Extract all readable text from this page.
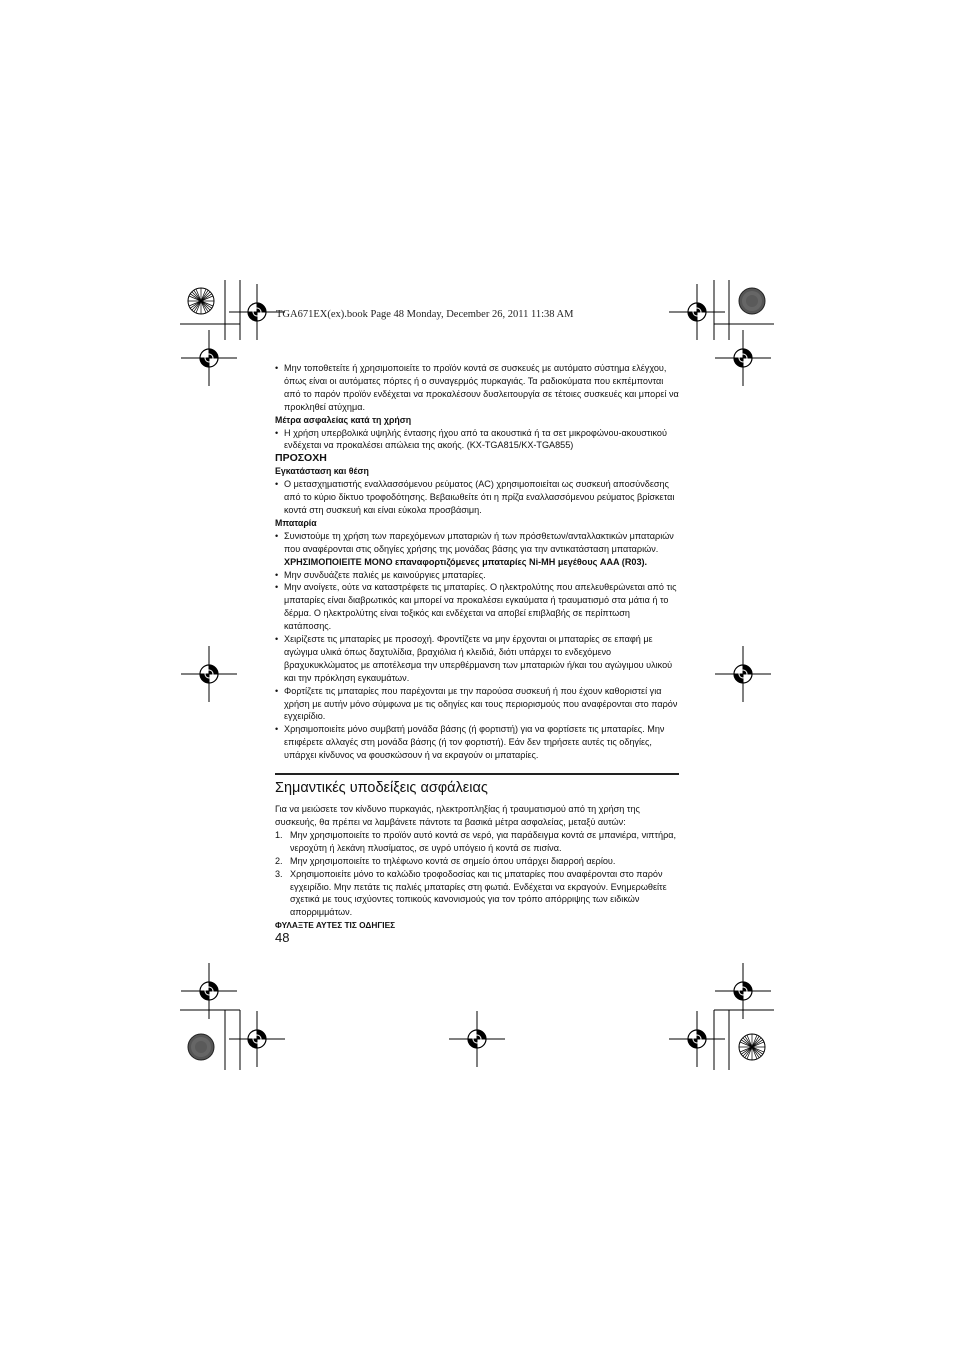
TGA671EX(ex).book Page 48 Monday, December 26, 2011 11:38 AM

• Μην τοποθετείτε ή χρησιμοποιείτε το προϊόν κοντά σε συσκευές με αυτόματο σύστημα ελέγχου, όπως είναι οι αυτόματες πόρτες ή ο συναγερμός πυρκαγιάς. Τα ραδιοκύματα που εκπέμπονται από το παρόν προϊόν ενδέχεται να προκαλέσουν δυσλειτουργία σε τέτοιες συσκευές και μπορεί να προκληθεί ατύχημα.

Μέτρα ασφαλείας κατά τη χρήση

• Η χρήση υπερβολικά υψηλής έντασης ήχου από τα ακουστικά ή τα σετ μικροφώνου-ακουστικού ενδέχεται να προκαλέσει απώλεια της ακοής. (KX-TGA815/KX-TGA855)

ΠΡΟΣΟΧΗ

Εγκατάσταση και θέση

• Ο μετασχηματιστής εναλλασσόμενου ρεύματος (AC) χρησιμοποιείται ως συσκευή αποσύνδεσης από το κύριο δίκτυο τροφοδότησης. Βεβαιωθείτε ότι η πρίζα εναλλασσόμενου ρεύματος βρίσκεται κοντά στη συσκευή και είναι εύκολα προσβάσιμη.

Μπαταρία

• Συνιστούμε τη χρήση των παρεχόμενων μπαταριών ή των πρόσθετων/ανταλλακτικών μπαταριών που αναφέρονται στις οδηγίες χρήσης της μονάδας βάσης για την αντικατάσταση μπαταριών. ΧΡΗΣΙΜΟΠΟΙΕΙΤΕ ΜΟΝΟ επαναφορτιζόμενες μπαταρίες Ni-MH μεγέθους AAA (R03).

• Μην συνδυάζετε παλιές με καινούργιες μπαταρίες.

• Μην ανοίγετε, ούτε να καταστρέφετε τις μπαταρίες. Ο ηλεκτρολύτης που απελευθερώνεται από τις μπαταρίες είναι διαβρωτικός και μπορεί να προκαλέσει εγκαύματα ή τραυματισμό στα μάτια ή το δέρμα. Ο ηλεκτρολύτης είναι τοξικός και ενδέχεται να αποβεί επιβλαβής σε περίπτωση κατάποσης.

• Χειρίζεστε τις μπαταρίες με προσοχή. Φροντίζετε να μην έρχονται οι μπαταρίες σε επαφή με αγώγιμα υλικά όπως δαχτυλίδια, βραχιόλια ή κλειδιά, διότι υπάρχει το ενδεχόμενο βραχυκυκλώματος με αποτέλεσμα την υπερθέρμανση των μπαταριών ή/και του αγώγιμου υλικού και την πρόκληση εγκαυμάτων.

• Φορτίζετε τις μπαταρίες που παρέχονται με την παρούσα συσκευή ή που έχουν καθοριστεί για χρήση με αυτήν μόνο σύμφωνα με τις οδηγίες και τους περιορισμούς που αναφέρονται στο παρόν εγχειρίδιο.

• Χρησιμοποιείτε μόνο συμβατή μονάδα βάσης (ή φορτιστή) για να φορτίσετε τις μπαταρίες. Μην επιφέρετε αλλαγές στη μονάδα βάσης (ή τον φορτιστή). Εάν δεν τηρήσετε αυτές τις οδηγίες, υπάρχει κίνδυνος να φουσκώσουν ή να εκραγούν οι μπαταρίες.

Σημαντικές υποδείξεις ασφάλειας

Για να μειώσετε τον κίνδυνο πυρκαγιάς, ηλεκτροπληξίας ή τραυματισμού από τη χρήση της συσκευής, θα πρέπει να λαμβάνετε πάντοτε τα βασικά μέτρα ασφαλείας, μεταξύ αυτών:

1. Μην χρησιμοποιείτε το προϊόν αυτό κοντά σε νερό, για παράδειγμα κοντά σε μπανιέρα, νιπτήρα, νεροχύτη ή λεκάνη πλυσίματος, σε υγρό υπόγειο ή κοντά σε πισίνα.

2. Μην χρησιμοποιείτε το τηλέφωνο κοντά σε σημείο όπου υπάρχει διαρροή αερίου.

3. Χρησιμοποιείτε μόνο το καλώδιο τροφοδοσίας και τις μπαταρίες που αναφέρονται στο παρόν εγχειρίδιο. Μην πετάτε τις παλιές μπαταρίες στη φωτιά. Ενδέχεται να εκραγούν. Ενημερωθείτε σχετικά με τους ισχύοντες τοπικούς κανονισμούς για τον τρόπο απόρριψης των ειδικών απορριμμάτων.

ΦΥΛΑΞΤΕ ΑΥΤΕΣ ΤΙΣ ΟΔΗΓΙΕΣ

48
